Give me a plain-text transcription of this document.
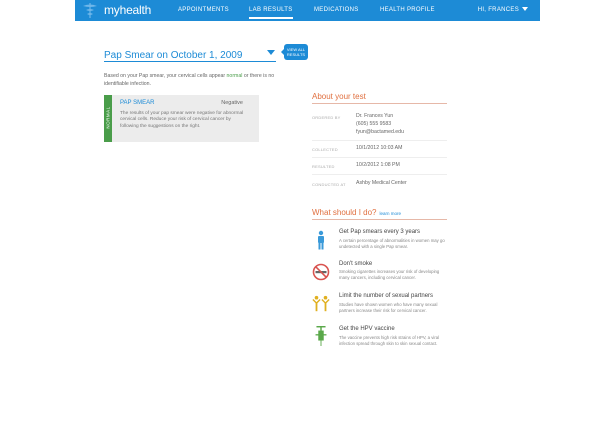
myhealth	APPOINTMENTS	LAB RESULTS	MEDICATIONS	HEALTH PROFILE	HI, FRANCES
Pap Smear on October 1, 2009
VIEW ALL
RESULTS

Based on your Pap smear, your cervical cells appear normal or there is no identifiable infection.

NORMAL
PAP SMEAR	Negative

The results of your pap smear were negative for abnormal cervical cells. Reduce your risk of cervical cancer by following the suggestions on the right.

About your test
ORDERED BY	Dr. Frances Yun
(605) 555 9583
fyun@bactamed.edu
COLLECTED	10/1/2012 10:03 AM
RESULTED	10/2/2012 1:08 PM
CONDUCTED AT Ashby Medical Center
What should I do? learn more
Get Pap smears every 3 years

A certain percentage of abnormalities in women may go undetected with a single Pap smear.

Don't smoke

Smoking cigarettes increases your risk of developing many cancers, including cervical cancer.

Limit the number of sexual partners

Studies have shown women who have many sexual partners increase their risk for cervical cancer.

Get the HPV vaccine

The vaccine prevents high risk strains of HPV, a viral infection spread through skin to skin sexual contact.
